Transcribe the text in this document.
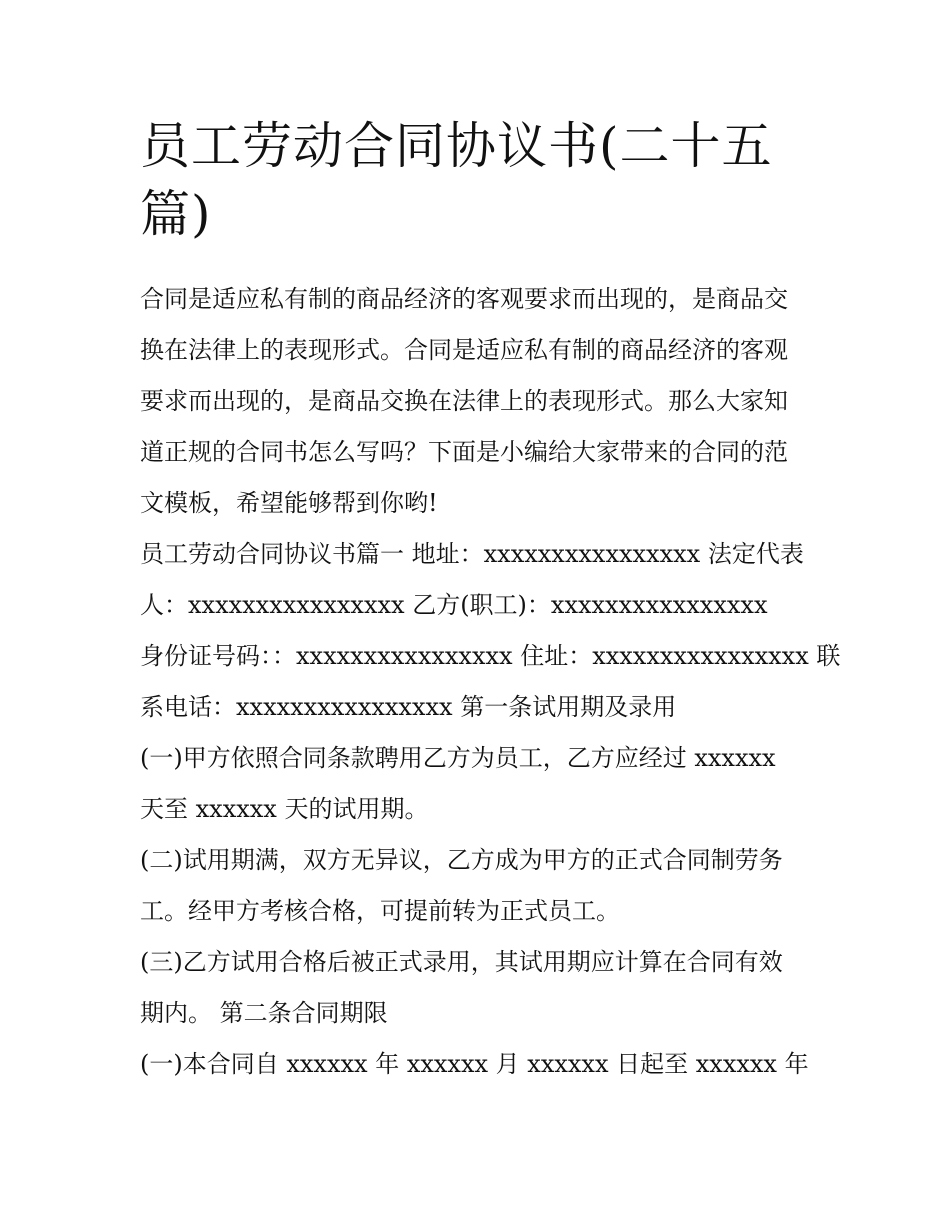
员工劳动合同协议书(二十五
篇)
合同是适应私有制的商品经济的客观要求而出现的，是商品交
换在法律上的表现形式。合同是适应私有制的商品经济的客观
要求而出现的，是商品交换在法律上的表现形式。那么大家知
道正规的合同书怎么写吗？下面是小编给大家带来的合同的范
文模板，希望能够帮到你哟!
员工劳动合同协议书篇一 地址：xxxxxxxxxxxxxxxx 法定代表
人：xxxxxxxxxxxxxxxx 乙方(职工)：xxxxxxxxxxxxxxxx
身份证号码：：xxxxxxxxxxxxxxxx 住址：xxxxxxxxxxxxxxxx 联
系电话：xxxxxxxxxxxxxxxx 第一条试用期及录用
(一)甲方依照合同条款聘用乙方为员工，乙方应经过 xxxxxx
天至 xxxxxx 天的试用期。
(二)试用期满，双方无异议，乙方成为甲方的正式合同制劳务
工。经甲方考核合格，可提前转为正式员工。
(三)乙方试用合格后被正式录用，其试用期应计算在合同有效
期内。 第二条合同期限
(一)本合同自 xxxxxx 年 xxxxxx 月 xxxxxx 日起至 xxxxxx 年
